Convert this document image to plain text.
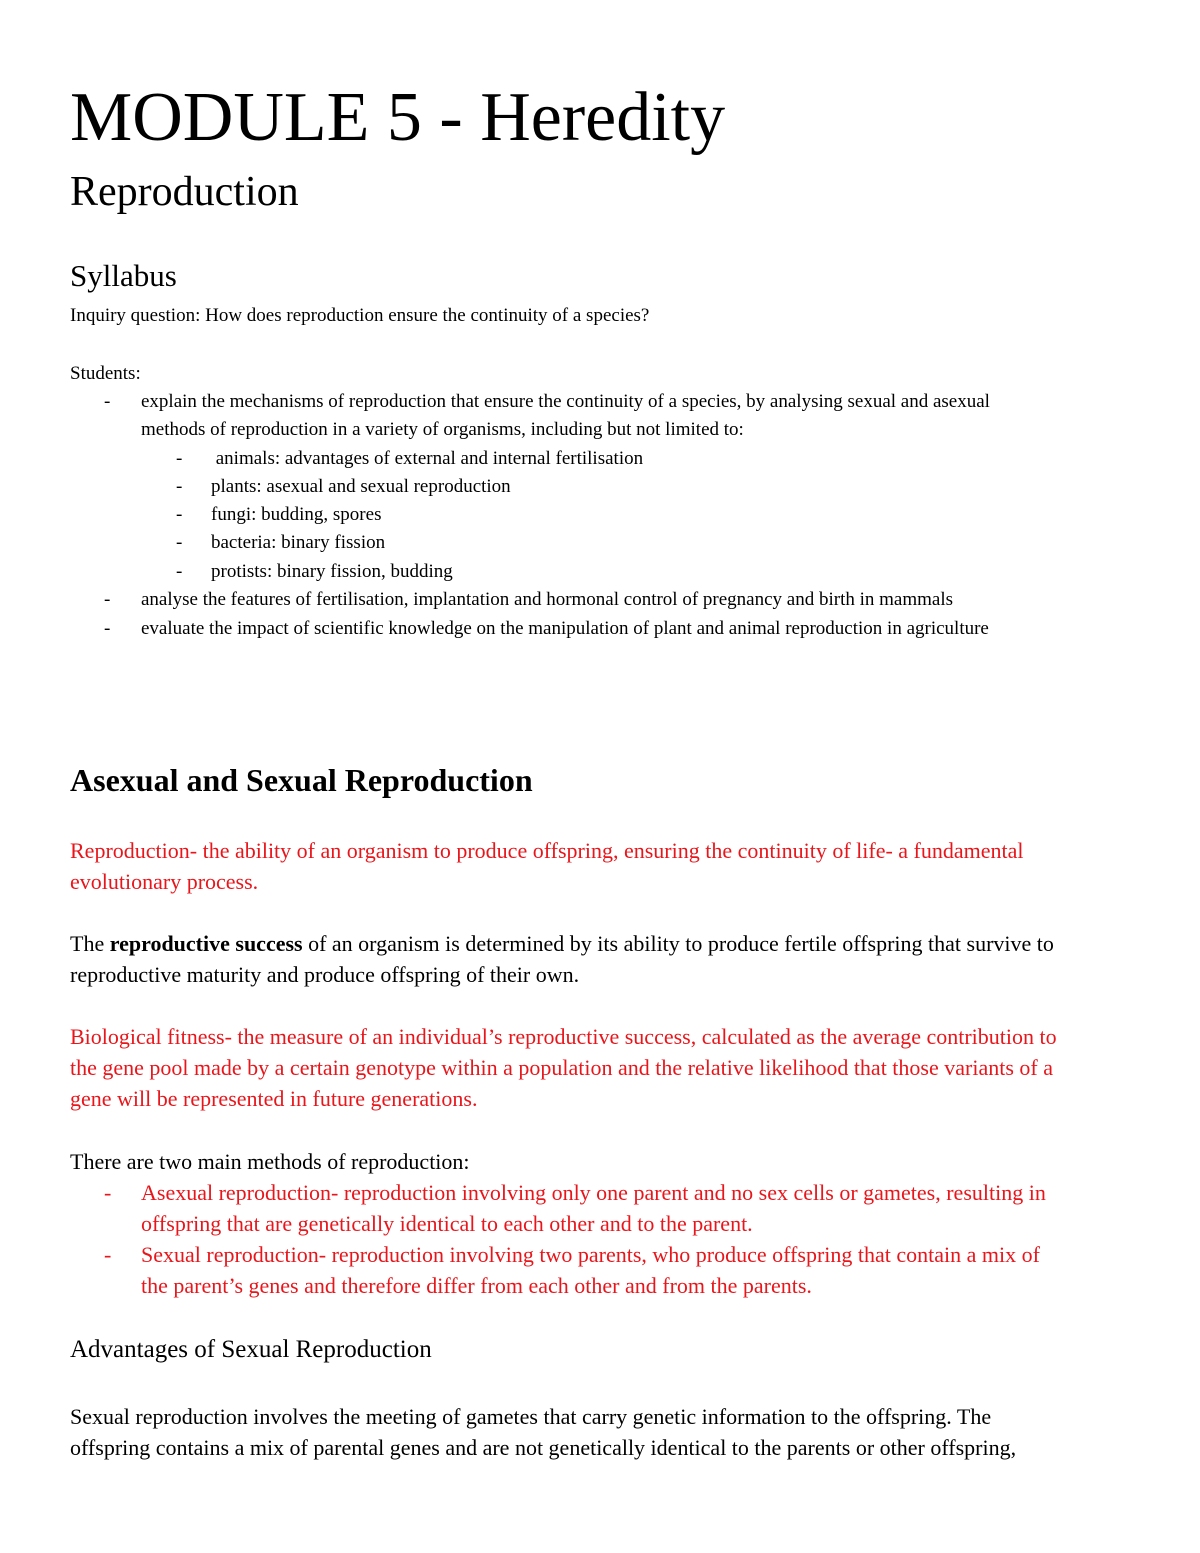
MODULE 5 - Heredity
Reproduction
Syllabus

Inquiry question: How does reproduction ensure the continuity of a species?

Students:

- explain the mechanisms of reproduction that ensure the continuity of a species, by analysing sexual and asexual

methods of reproduction in a variety of organisms, including but not limited to:

- animals: advantages of external and internal fertilisation

- plants: asexual and sexual reproduction

- fungi: budding, spores

- bacteria: binary fission

- protists: binary fission, budding

- analyse the features of fertilisation, implantation and hormonal control of pregnancy and birth in mammals

- evaluate the impact of scientific knowledge on the manipulation of plant and animal reproduction in agriculture

Asexual and Sexual Reproduction

Reproduction- the ability of an organism to produce offspring, ensuring the continuity of life- a fundamental

evolutionary process.

The reproductive success of an organism is determined by its ability to produce fertile offspring that survive to

reproductive maturity and produce offspring of their own.

Biological fitness- the measure of an individual’s reproductive success, calculated as the average contribution to

the gene pool made by a certain genotype within a population and the relative likelihood that those variants of a

gene will be represented in future generations.

There are two main methods of reproduction:

- Asexual reproduction- reproduction involving only one parent and no sex cells or gametes, resulting in

offspring that are genetically identical to each other and to the parent.

- Sexual reproduction- reproduction involving two parents, who produce offspring that contain a mix of

the parent’s genes and therefore differ from each other and from the parents.

Advantages of Sexual Reproduction

Sexual reproduction involves the meeting of gametes that carry genetic information to the offspring. The

offspring contains a mix of parental genes and are not genetically identical to the parents or other offspring,
